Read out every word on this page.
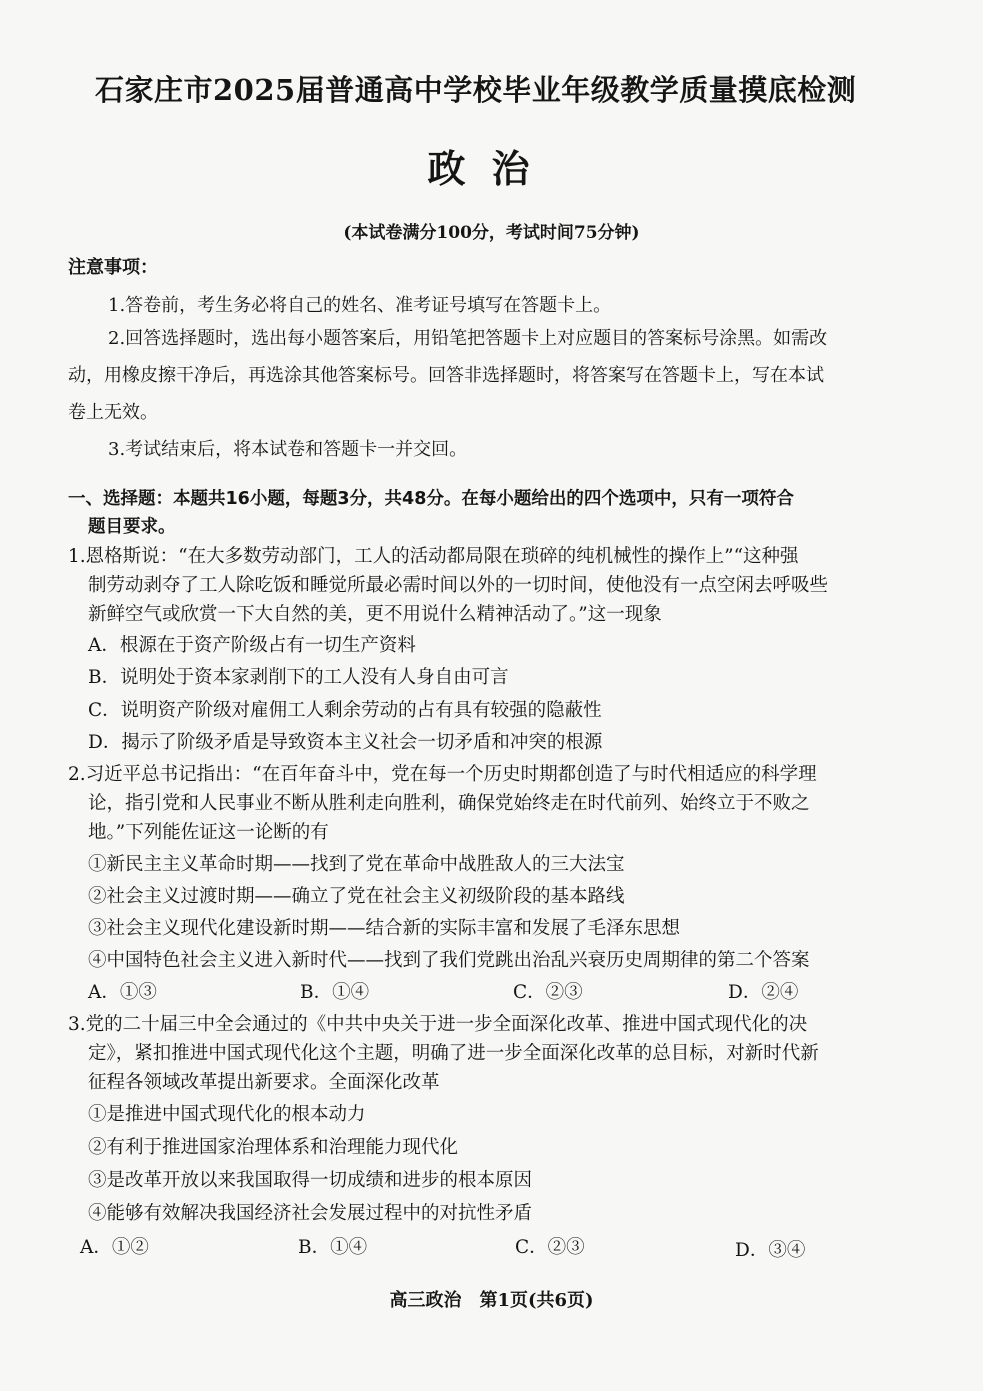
石家庄市2025届普通高中学校毕业年级教学质量摸底检测
政治
(本试卷满分100分，考试时间75分钟)
注意事项：
1.答卷前，考生务必将自己的姓名、准考证号填写在答题卡上。
2.回答选择题时，选出每小题答案后，用铅笔把答题卡上对应题目的答案标号涂黑。如需改
动，用橡皮擦干净后，再选涂其他答案标号。回答非选择题时，将答案写在答题卡上，写在本试
卷上无效。
3.考试结束后，将本试卷和答题卡一并交回。
一、选择题：本题共16小题，每题3分，共48分。在每小题给出的四个选项中，只有一项符合
题目要求。
1.恩格斯说：“在大多数劳动部门，工人的活动都局限在琐碎的纯机械性的操作上”“这种强
制劳动剥夺了工人除吃饭和睡觉所最必需时间以外的一切时间，使他没有一点空闲去呼吸些
新鲜空气或欣赏一下大自然的美，更不用说什么精神活动了。”这一现象
A．根源在于资产阶级占有一切生产资料
B．说明处于资本家剥削下的工人没有人身自由可言
C．说明资产阶级对雇佣工人剩余劳动的占有具有较强的隐蔽性
D．揭示了阶级矛盾是导致资本主义社会一切矛盾和冲突的根源
2.习近平总书记指出：“在百年奋斗中，党在每一个历史时期都创造了与时代相适应的科学理
论，指引党和人民事业不断从胜利走向胜利，确保党始终走在时代前列、始终立于不败之
地。”下列能佐证这一论断的有
①新民主主义革命时期——找到了党在革命中战胜敌人的三大法宝
②社会主义过渡时期——确立了党在社会主义初级阶段的基本路线
③社会主义现代化建设新时期——结合新的实际丰富和发展了毛泽东思想
④中国特色社会主义进入新时代——找到了我们党跳出治乱兴衰历史周期律的第二个答案
A．①③	B．①④	C．②③	D．②④
3.党的二十届三中全会通过的《中共中央关于进一步全面深化改革、推进中国式现代化的决
定》，紧扣推进中国式现代化这个主题，明确了进一步全面深化改革的总目标，对新时代新
征程各领域改革提出新要求。全面深化改革
①是推进中国式现代化的根本动力
②有利于推进国家治理体系和治理能力现代化
③是改革开放以来我国取得一切成绩和进步的根本原因
④能够有效解决我国经济社会发展过程中的对抗性矛盾
A．①②	B．①④	C．②③	D．③④
高三政治　第1页(共6页)
